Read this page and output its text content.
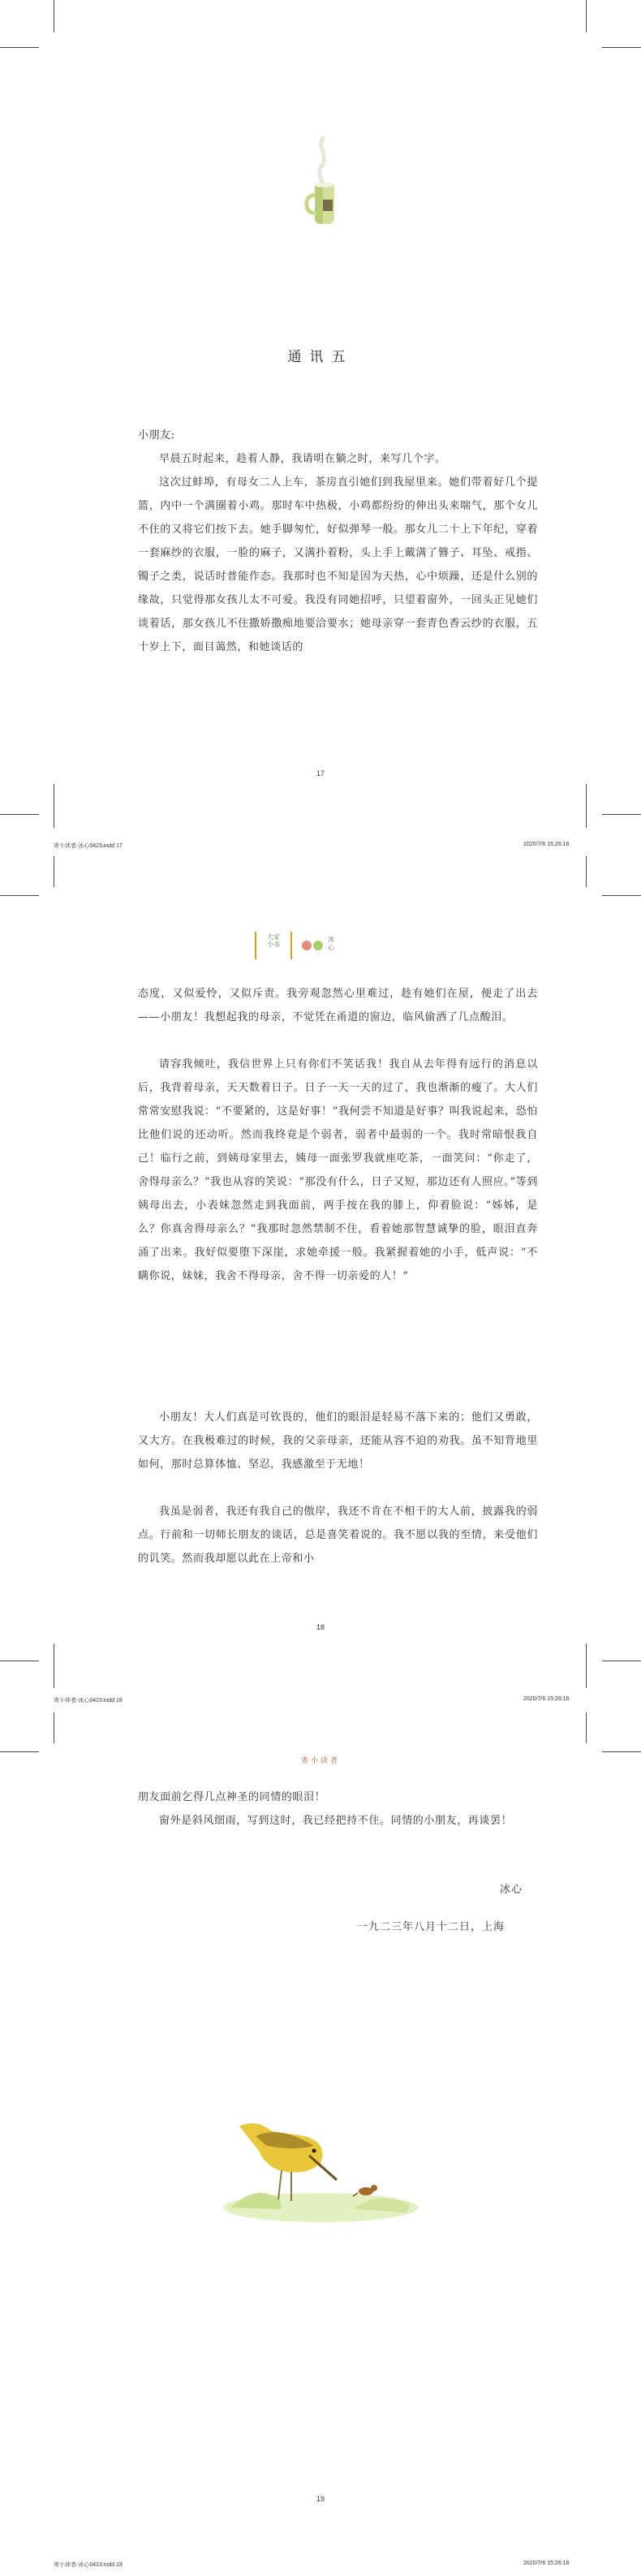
通讯五

小朋友:

早晨五时起来，趁着人静，我请明在躺之时，来写几个字。

这次过蚌埠，有母女二人上车，茶房直引她们到我屋里来。她们带着好几个提篮，内中一个满圈着小鸡。那时车中热极，小鸡都纷纷的伸出头来喘气，那个女儿不住的又将它们按下去。她手脚匆忙，好似弹琴一般。那女儿二十上下年纪，穿着一套麻纱的衣服，一脸的麻子，又满扑着粉，头上手上戴满了簪子、耳坠、戒指、镯子之类，说话时普能作态。我那时也不知是因为天热，心中烦躁，还是什么别的缘故，只觉得那女孩儿太不可爱。我没有同她招呼，只望着窗外，一回头正见她们谈着话，那女孩儿不住撒娇撒痴地要洽要水；她母亲穿一套青色香云纱的衣服，五十岁上下，面目蔼然，和她谈话的

17
寄小读者-冰心0423.indd 17	2020/7/6 15:26:16
大家小书
冰心

态度，又似爱怜，又似斥责。我旁观忽然心里难过，趁有她们在屋，便走了出去——小朋友！我想起我的母亲，不觉凭在甬道的窗边，临风偷洒了几点酸泪。

请容我倾吐，我信世界上只有你们不笑话我！我自从去年得有远行的消息以后，我背着母亲，天天数着日子。日子一天一天的过了，我也渐渐的瘦了。大人们常常安慰我说：“不要紧的，这是好事！”我何尝不知道是好事？叫我说起来，恐怕比他们说的还动听。然而我终竟是个弱者，弱者中最弱的一个。我时常暗恨我自己！临行之前，到姨母家里去，姨母一面张罗我就座吃茶，一面笑问：“你走了，舍得母亲么？”我也从容的笑说：“那没有什么，日子又短，那边还有人照应。”等到姨母出去，小表妹忽然走到我面前，两手按在我的膝上，仰着脸说：“姊姊，是么？你真舍得母亲么？”我那时忽然禁制不住，看着她那智慧诚挚的脸，眼泪直奔涌了出来。我好似要堕下深崖，求她牵援一般。我紧握着她的小手，低声说：“不瞒你说，妹妹，我舍不得母亲，舍不得一切亲爱的人！”

小朋友！大人们真是可钦畏的，他们的眼泪是轻易不落下来的；他们又勇敢，又大方。在我极难过的时候，我的父亲母亲，还能从容不迫的劝我。虽不知背地里如何，那时总算体恤、坚忍，我感激至于无地！

我虽是弱者，我还有我自己的傲岸，我还不肯在不相干的大人前，披露我的弱点。行前和一切师长朋友的谈话，总是喜笑着说的。我不愿以我的至情，来受他们的讥笑。然而我却愿以此在上帝和小

18
寄小读者-冰心0423.indd 18	2020/7/6 15:26:16
寄小读者

朋友面前乞得几点神圣的同情的眼泪！

窗外是斜风细雨，写到这时，我已经把持不住。同情的小朋友，再谈罢！

冰心
一九二三年八月十二日，上海
19
寄小读者-冰心0423.indd 19	2020/7/6 15:26:16
